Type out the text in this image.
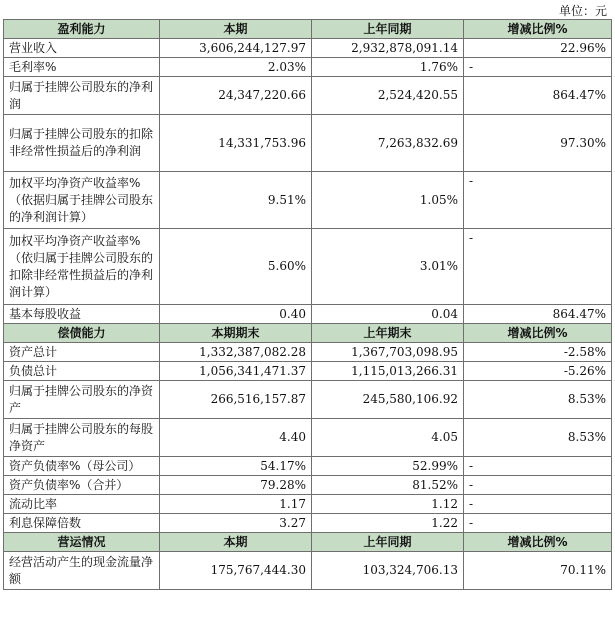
单位：元
盈利能力	本期	上年同期	增减比例%
营业收入	3,606,244,127.97	2,932,878,091.14	22.96%
毛利率%	2.03%	1.76%	-
归属于挂牌公司股东的净利润	24,347,220.66	2,524,420.55	864.47%
归属于挂牌公司股东的扣除非经常性损益后的净利润	14,331,753.96	7,263,832.69	97.30%
加权平均净资产收益率%（依据归属于挂牌公司股东的净利润计算）	9.51%	1.05%	-
加权平均净资产收益率%（依归属于挂牌公司股东的扣除非经常性损益后的净利润计算）	5.60%	3.01%	-
基本每股收益	0.40	0.04	864.47%
偿债能力	本期期末	上年期末	增减比例%
资产总计	1,332,387,082.28	1,367,703,098.95	-2.58%
负债总计	1,056,341,471.37	1,115,013,266.31	-5.26%
归属于挂牌公司股东的净资产	266,516,157.87	245,580,106.92	8.53%
归属于挂牌公司股东的每股净资产	4.40	4.05	8.53%
资产负债率%（母公司）	54.17%	52.99%	-
资产负债率%（合并）	79.28%	81.52%	-
流动比率	1.17	1.12	-
利息保障倍数	3.27	1.22	-
营运情况	本期	上年同期	增减比例%
经营活动产生的现金流量净额	175,767,444.30	103,324,706.13	70.11%
